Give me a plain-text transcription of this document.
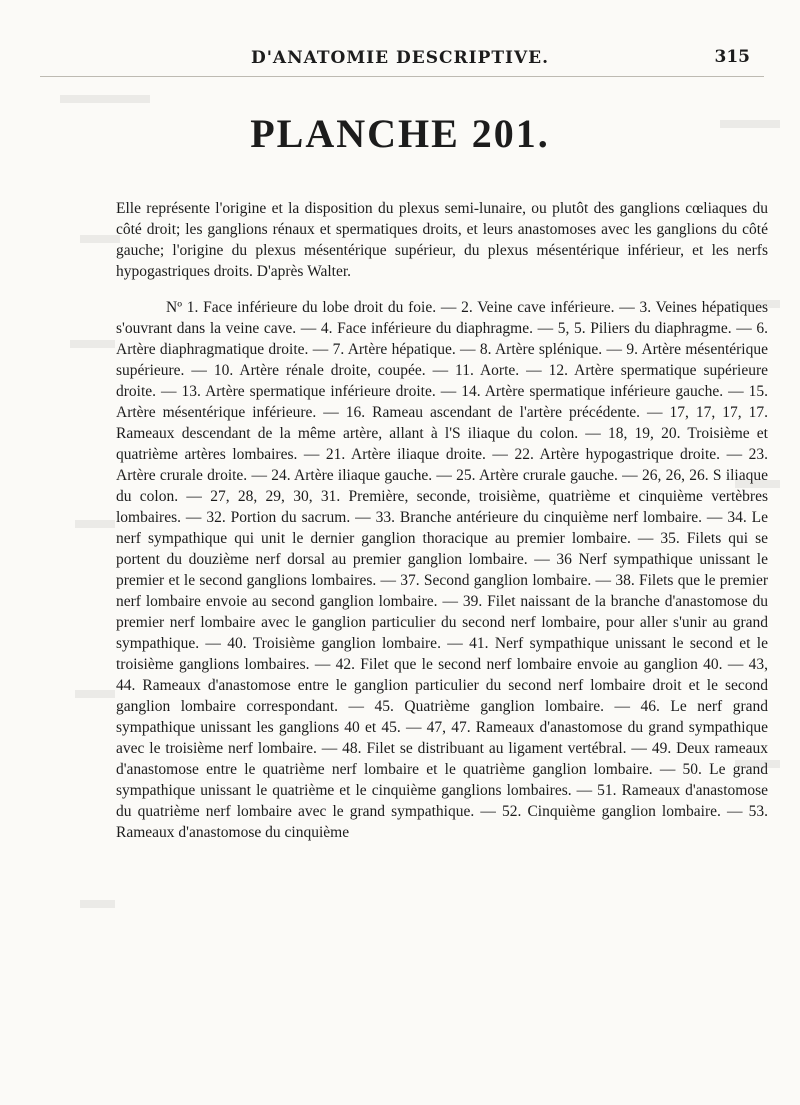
D'ANATOMIE DESCRIPTIVE.	315
PLANCHE 201.

Elle représente l'origine et la disposition du plexus semi-lunaire, ou plutôt des ganglions cœliaques du côté droit; les ganglions rénaux et spermatiques droits, et leurs anastomoses avec les ganglions du côté gauche; l'origine du plexus mésentérique supérieur, du plexus mésentérique inférieur, et les nerfs hypogastriques droits. D'après Walter.

Nº 1. Face inférieure du lobe droit du foie. — 2. Veine cave inférieure. — 3. Veines hépatiques s'ouvrant dans la veine cave. — 4. Face inférieure du diaphragme. — 5, 5. Piliers du diaphragme. — 6. Artère diaphragmatique droite. — 7. Artère hépatique. — 8. Artère splénique. — 9. Artère mésentérique supérieure. — 10. Artère rénale droite, coupée. — 11. Aorte. — 12. Artère spermatique supérieure droite. — 13. Artère spermatique inférieure droite. — 14. Artère spermatique inférieure gauche. — 15. Artère mésentérique inférieure. — 16. Rameau ascendant de l'artère précédente. — 17, 17, 17, 17. Rameaux descendant de la même artère, allant à l'S iliaque du colon. — 18, 19, 20. Troisième et quatrième artères lombaires. — 21. Artère iliaque droite. — 22. Artère hypogastrique droite. — 23. Artère crurale droite. — 24. Artère iliaque gauche. — 25. Artère crurale gauche. — 26, 26, 26. S iliaque du colon. — 27, 28, 29, 30, 31. Première, seconde, troisième, quatrième et cinquième vertèbres lombaires. — 32. Portion du sacrum. — 33. Branche antérieure du cinquième nerf lombaire. — 34. Le nerf sympathique qui unit le dernier ganglion thoracique au premier lombaire. — 35. Filets qui se portent du douzième nerf dorsal au premier ganglion lombaire. — 36 Nerf sympathique unissant le premier et le second ganglions lombaires. — 37. Second ganglion lombaire. — 38. Filets que le premier nerf lombaire envoie au second ganglion lombaire. — 39. Filet naissant de la branche d'anastomose du premier nerf lombaire avec le ganglion particulier du second nerf lombaire, pour aller s'unir au grand sympathique. — 40. Troisième ganglion lombaire. — 41. Nerf sympathique unissant le second et le troisième ganglions lombaires. — 42. Filet que le second nerf lombaire envoie au ganglion 40. — 43, 44. Rameaux d'anastomose entre le ganglion particulier du second nerf lombaire droit et le second ganglion lombaire correspondant. — 45. Quatrième ganglion lombaire. — 46. Le nerf grand sympathique unissant les ganglions 40 et 45. — 47, 47. Rameaux d'anastomose du grand sympathique avec le troisième nerf lombaire. — 48. Filet se distribuant au ligament vertébral. — 49. Deux rameaux d'anastomose entre le quatrième nerf lombaire et le quatrième ganglion lombaire. — 50. Le grand sympathique unissant le quatrième et le cinquième ganglions lombaires. — 51. Rameaux d'anastomose du quatrième nerf lombaire avec le grand sympathique. — 52. Cinquième ganglion lombaire. — 53. Rameaux d'anastomose du cinquième
